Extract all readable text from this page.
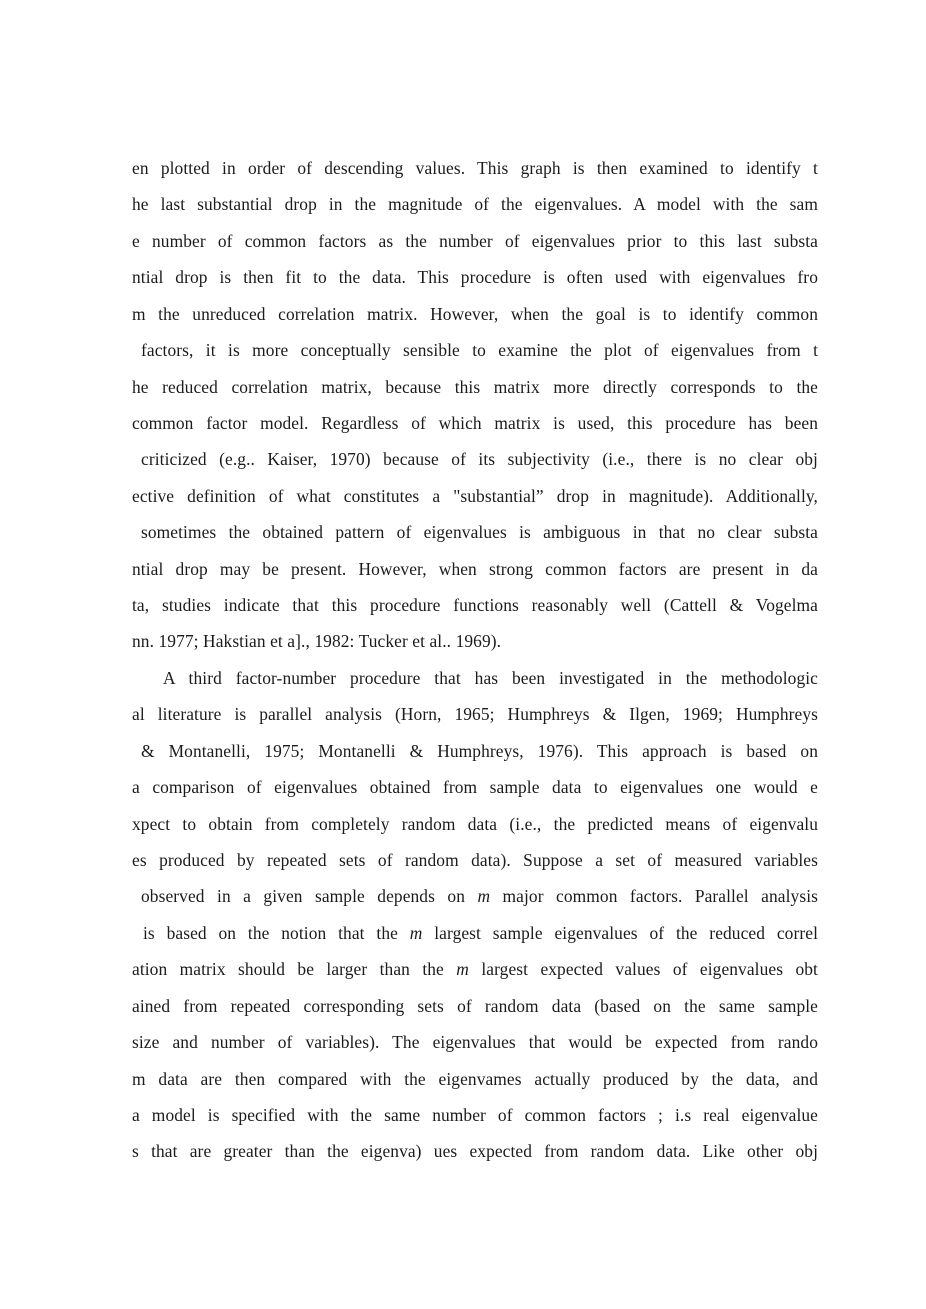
en plotted in order of descending values. This graph is then examined to identify t
he last substantial drop in the magnitude of the eigenvalues. A model with the sam
e number of common factors as the number of eigenvalues prior to this last substa
ntial drop is then fit to the data. This procedure is often used with eigenvalues fro
m the unreduced correlation matrix. However, when the goal is to identify common
factors, it is more conceptually sensible to examine the plot of eigenvalues from t
he reduced correlation matrix, because this matrix more directly corresponds to the
common factor model. Regardless of which matrix is used, this procedure has been
criticized (e.g.. Kaiser, 1970) because of its subjectivity (i.e., there is no clear obj
ective definition of what constitutes a "substantial” drop in magnitude). Additionally,
sometimes the obtained pattern of eigenvalues is ambiguous in that no clear substa
ntial drop may be present. However, when strong common factors are present in da
ta, studies indicate that this procedure functions reasonably well (Cattell & Vogelma
nn. 1977; Hakstian et a]., 1982: Tucker et al.. 1969).
A third factor-number procedure that has been investigated in the methodologic
al literature is parallel analysis (Horn, 1965; Humphreys & Ilgen, 1969; Humphreys
& Montanelli, 1975; Montanelli & Humphreys, 1976). This approach is based on
a comparison of eigenvalues obtained from sample data to eigenvalues one would e
xpect to obtain from completely random data (i.e., the predicted means of eigenvalu
es produced by repeated sets of random data). Suppose a set of measured variables
observed in a given sample depends on m major common factors. Parallel analysis
is based on the notion that the m largest sample eigenvalues of the reduced correl
ation matrix should be larger than the m largest expected values of eigenvalues obt
ained from repeated corresponding sets of random data (based on the same sample
size and number of variables). The eigenvalues that would be expected from rando
m data are then compared with the eigenvames actually produced by the data, and
a model is specified with the same number of common factors ; i.s real eigenvalue
s that are greater than the eigenva) ues expected from random data. Like other obj
